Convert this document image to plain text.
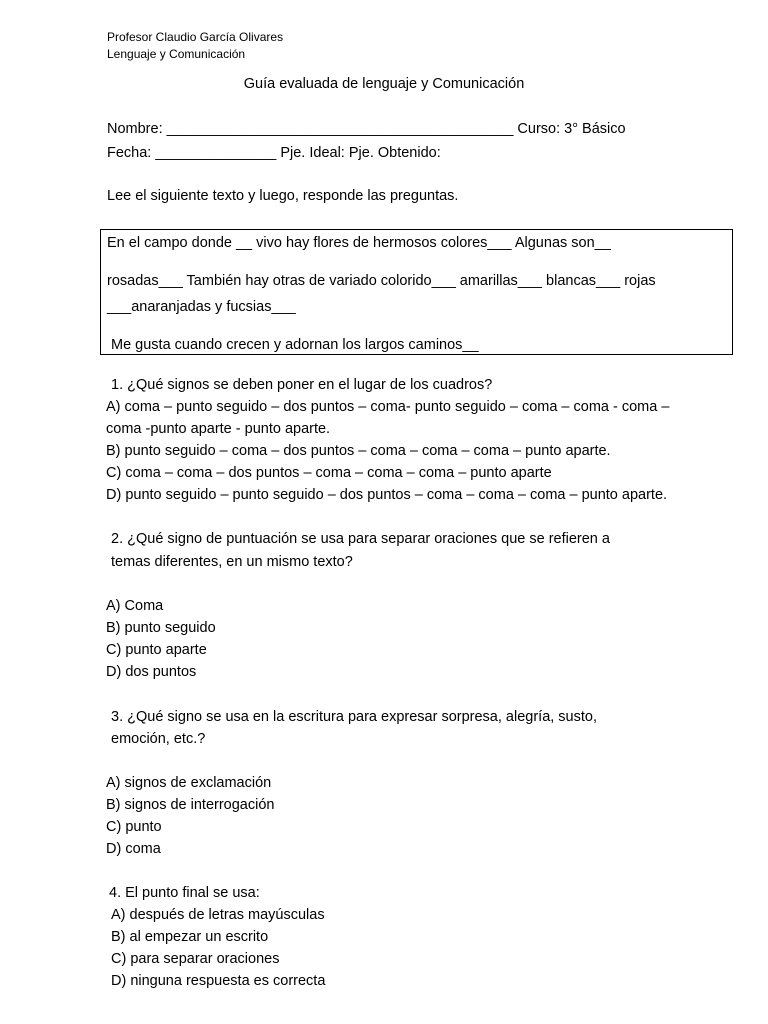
Profesor Claudio García Olivares
Lenguaje y Comunicación
Guía evaluada de lenguaje y Comunicación
Nombre: ___________________________________________ Curso: 3° Básico
Fecha: _______________ Pje. Ideal: Pje. Obtenido:
Lee el siguiente texto y luego, responde las preguntas.
En el campo donde __ vivo hay flores de hermosos colores___ Algunas son__
rosadas___ También hay otras de variado colorido___ amarillas___ blancas___ rojas
___anaranjadas y fucsias___
Me gusta cuando crecen y adornan los largos caminos__
1. ¿Qué signos se deben poner en el lugar de los cuadros?
A) coma – punto seguido – dos puntos – coma- punto seguido – coma – coma - coma –
coma -punto aparte - punto aparte.
B) punto seguido – coma – dos puntos – coma – coma – coma – punto aparte.
C) coma – coma – dos puntos – coma – coma – coma – punto aparte
D) punto seguido – punto seguido – dos puntos – coma – coma – coma – punto aparte.
2. ¿Qué signo de puntuación se usa para separar oraciones que se refieren a
temas diferentes, en un mismo texto?
A) Coma
B) punto seguido
C) punto aparte
D) dos puntos
3. ¿Qué signo se usa en la escritura para expresar sorpresa, alegría, susto,
emoción, etc.?
A) signos de exclamación
B) signos de interrogación
C) punto
D) coma
4. El punto final se usa:
A) después de letras mayúsculas
B) al empezar un escrito
C) para separar oraciones
D) ninguna respuesta es correcta
